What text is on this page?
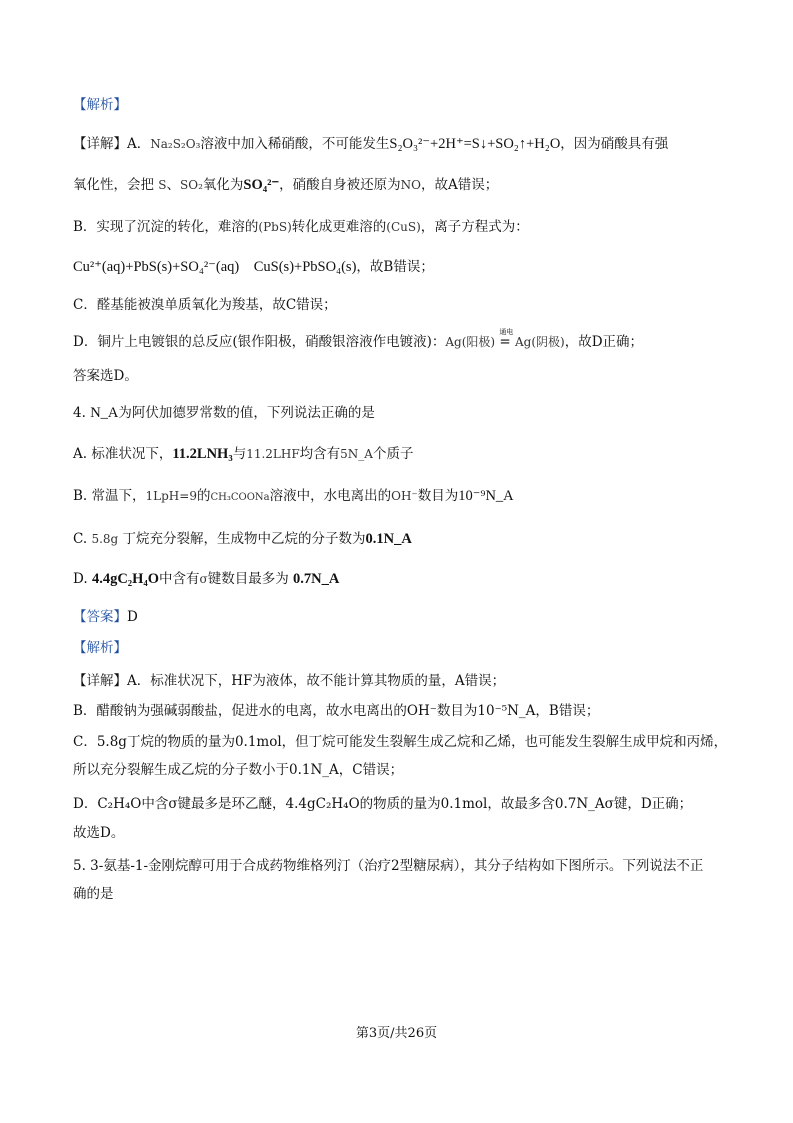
【解析】
【详解】A．Na₂S₂O₃溶液中加入稀硝酸，不可能发生S₂O₃²⁻+2H⁺=S↓+SO₂↑+H₂O，因为硝酸具有强
氧化性，会把 S、SO₂氧化为SO₄²⁻，硝酸自身被还原为NO，故A错误；
B．实现了沉淀的转化，难溶的(PbS)转化成更难溶的(CuS)，离子方程式为：
Cu²⁺(aq)+PbS(s)+SO₄²⁻(aq)    CuS(s)+PbSO₄(s)，故B错误；
C．醛基能被溴单质氧化为羧基，故C错误；
D．铜片上电镀银的总反应(银作阳极，硝酸银溶液作电镀液)：Ag(阳极)
通电
= Ag(阴极)，故D正确；
答案选D。
4. N_A为阿伏加德罗常数的值，下列说法正确的是
A. 标准状况下，11.2LNH₃与11.2LHF均含有5N_A个质子
B. 常温下，1LpH=9的CH₃COONa溶液中，水电离出的OH⁻数目为10⁻⁹N_A
C. 5.8g 丁烷充分裂解，生成物中乙烷的分子数为0.1N_A
D. 4.4gC₂H₄O中含有σ键数目最多为 0.7N_A
【答案】D
【解析】
【详解】A．标准状况下，HF为液体，故不能计算其物质的量，A错误；
B．醋酸钠为强碱弱酸盐，促进水的电离，故水电离出的OH⁻数目为10⁻⁵N_A，B错误；
C．5.8g丁烷的物质的量为0.1mol，但丁烷可能发生裂解生成乙烷和乙烯，也可能发生裂解生成甲烷和丙烯，
所以充分裂解生成乙烷的分子数小于0.1N_A，C错误；
D．C₂H₄O中含σ键最多是环乙醚，4.4gC₂H₄O的物质的量为0.1mol，故最多含0.7N_Aσ键，D正确；
故选D。
5. 3-氨基-1-金刚烷醇可用于合成药物维格列汀（治疗2型糖尿病），其分子结构如下图所示。下列说法不正
确的是
第3页/共26页
